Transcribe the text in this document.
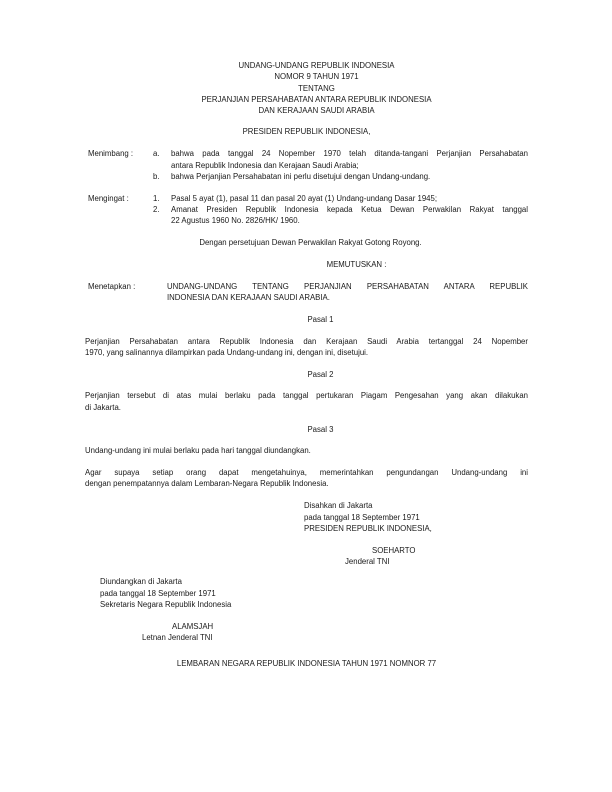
UNDANG-UNDANG REPUBLIK INDONESIA
NOMOR 9 TAHUN 1971
TENTANG
PERJANJIAN PERSAHABATAN ANTARA REPUBLIK INDONESIA
DAN KERAJAAN SAUDI ARABIA
PRESIDEN REPUBLIK INDONESIA,
Menimbang :	a.	bahwa pada tanggal 24 Nopember 1970 telah ditanda-tangani Perjanjian Persahabatan
antara Republik Indonesia dan Kerajaan Saudi Arabia;
b.	bahwa Perjanjian Persahabatan ini perlu disetujui dengan Undang-undang.
Mengingat :	1.	Pasal 5 ayat (1), pasal 11 dan pasal 20 ayat (1) Undang-undang Dasar 1945;
2.	Amanat Presiden Republik Indonesia kepada Ketua Dewan Perwakilan Rakyat tanggal
22 Agustus 1960 No. 2826/HK/ 1960.
Dengan persetujuan Dewan Perwakilan Rakyat Gotong Royong.
MEMUTUSKAN :
Menetapkan :	UNDANG-UNDANG TENTANG PERJANJIAN PERSAHABATAN ANTARA REPUBLIK
INDONESIA DAN KERAJAAN SAUDI ARABIA.
Pasal 1
Perjanjian Persahabatan antara Republik Indonesia dan Kerajaan Saudi Arabia tertanggal 24 Nopember
1970, yang salinannya dilampirkan pada Undang-undang ini, dengan ini, disetujui.
Pasal 2
Perjanjian tersebut di atas mulai berlaku pada tanggal pertukaran Piagam Pengesahan yang akan dilakukan
di Jakarta.
Pasal 3
Undang-undang ini mulai berlaku pada hari tanggal diundangkan.
Agar supaya setiap orang dapat mengetahuinya, memerintahkan pengundangan Undang-undang ini
dengan penempatannya dalam Lembaran-Negara Republik Indonesia.
Disahkan di Jakarta
pada tanggal 18 September 1971
PRESIDEN REPUBLIK INDONESIA,
SOEHARTO
Jenderal TNI
Diundangkan di Jakarta
pada tanggal 18 September 1971
Sekretaris Negara Republik Indonesia
ALAMSJAH
Letnan Jenderal TNI
LEMBARAN NEGARA REPUBLIK INDONESIA TAHUN 1971 NOMNOR 77
